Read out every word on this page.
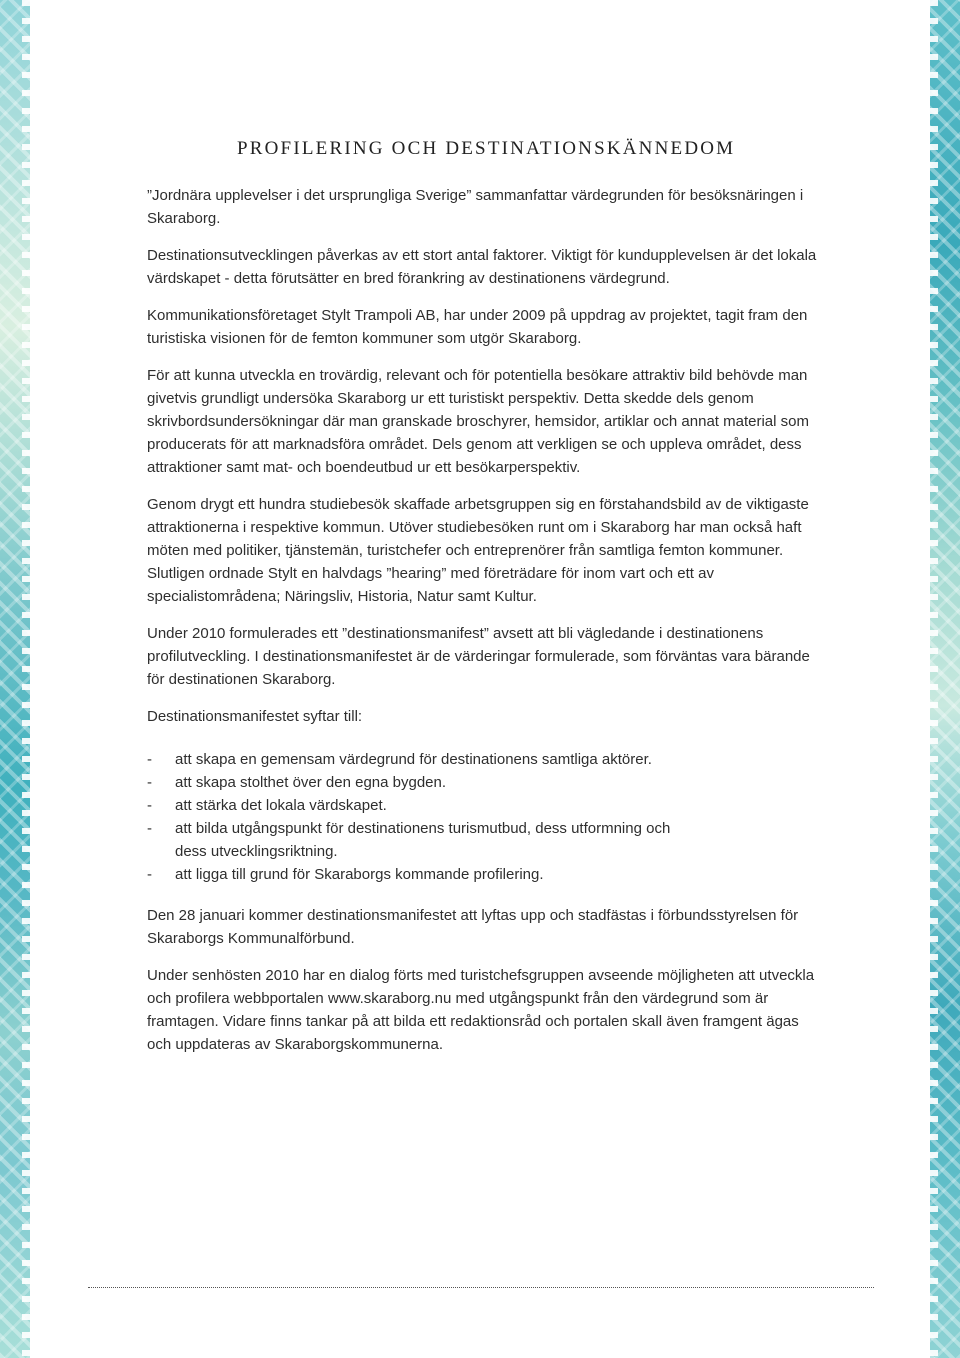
PROFILERING OCH DESTINATIONSKÄNNEDOM

”Jordnära upplevelser i det ursprungliga Sverige” sammanfattar värdegrunden för besöksnäringen i Skaraborg.

Destinationsutvecklingen påverkas av ett stort antal faktorer. Viktigt för kundupplevelsen är det lokala värdskapet - detta förutsätter en bred förankring av destinationens värdegrund.

Kommunikationsföretaget Stylt Trampoli AB, har under 2009 på uppdrag av projektet, tagit fram den turistiska visionen för de femton kommuner som utgör Skaraborg.

För att kunna utveckla en trovärdig, relevant och för potentiella besökare attraktiv bild behövde man givetvis grundligt undersöka Skaraborg ur ett turistiskt perspektiv. Detta skedde dels genom skrivbordsundersökningar där man granskade broschyrer, hemsidor, artiklar och annat material som producerats för att marknadsföra området. Dels genom att verkligen se och uppleva området, dess attraktioner samt mat- och boendeutbud ur ett besökarperspektiv.

Genom drygt ett hundra studiebesök skaffade arbetsgruppen sig en förstahandsbild av de viktigaste attraktionerna i respektive kommun. Utöver studiebesöken runt om i Skaraborg har man också haft möten med politiker, tjänstemän, turistchefer och entreprenörer från samtliga femton kommuner. Slutligen ordnade Stylt en halvdags ”hearing” med företrädare för inom vart och ett av specialistområdena; Näringsliv, Historia, Natur samt Kultur.

Under 2010 formulerades ett ”destinationsmanifest” avsett att bli vägledande i destinationens profilutveckling. I destinationsmanifestet är de värderingar formulerade, som förväntas vara bärande för destinationen Skaraborg.

Destinationsmanifestet syftar till:

- att skapa en gemensam värdegrund för destinationens samtliga aktörer.
- att skapa stolthet över den egna bygden.
- att stärka det lokala värdskapet.
- att bilda utgångspunkt för destinationens turismutbud, dess utformning och dess utvecklingsriktning.
- att ligga till grund för Skaraborgs kommande profilering.

Den 28 januari kommer destinationsmanifestet att lyftas upp och stadfästas i förbundsstyrelsen för Skaraborgs Kommunalförbund.

Under senhösten 2010 har en dialog förts med turistchefsgruppen avseende möjligheten att utveckla och profilera webbportalen www.skaraborg.nu med utgångspunkt från den värdegrund som är framtagen. Vidare finns tankar på att bilda ett redaktionsråd och portalen skall även framgent ägas och uppdateras av Skaraborgskommunerna.
